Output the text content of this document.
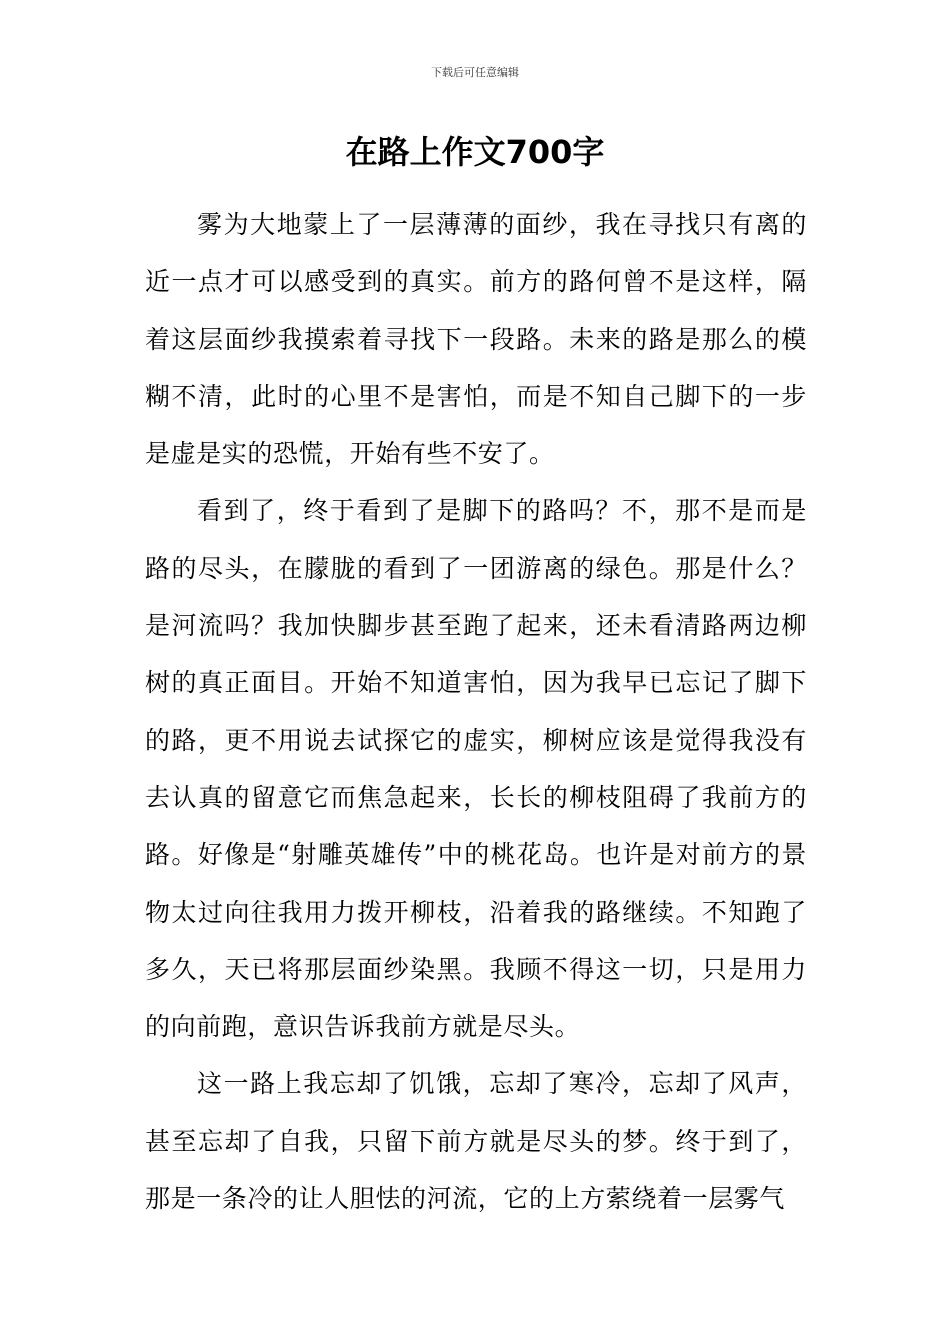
下载后可任意编辑
在路上作文700字

雾为大地蒙上了一层薄薄的面纱，我在寻找只有离的近一点才可以感受到的真实。前方的路何曾不是这样，隔着这层面纱我摸索着寻找下一段路。未来的路是那么的模糊不清，此时的心里不是害怕，而是不知自己脚下的一步是虚是实的恐慌，开始有些不安了。

看到了，终于看到了是脚下的路吗？不，那不是而是路的尽头，在朦胧的看到了一团游离的绿色。那是什么？是河流吗？我加快脚步甚至跑了起来，还未看清路两边柳树的真正面目。开始不知道害怕，因为我早已忘记了脚下的路，更不用说去试探它的虚实，柳树应该是觉得我没有去认真的留意它而焦急起来，长长的柳枝阻碍了我前方的路。好像是“射雕英雄传”中的桃花岛。也许是对前方的景物太过向往我用力拨开柳枝，沿着我的路继续。不知跑了多久，天已将那层面纱染黑。我顾不得这一切，只是用力的向前跑，意识告诉我前方就是尽头。

这一路上我忘却了饥饿，忘却了寒冷，忘却了风声，甚至忘却了自我，只留下前方就是尽头的梦。终于到了，那是一条冷的让人胆怯的河流，它的上方萦绕着一层雾气
